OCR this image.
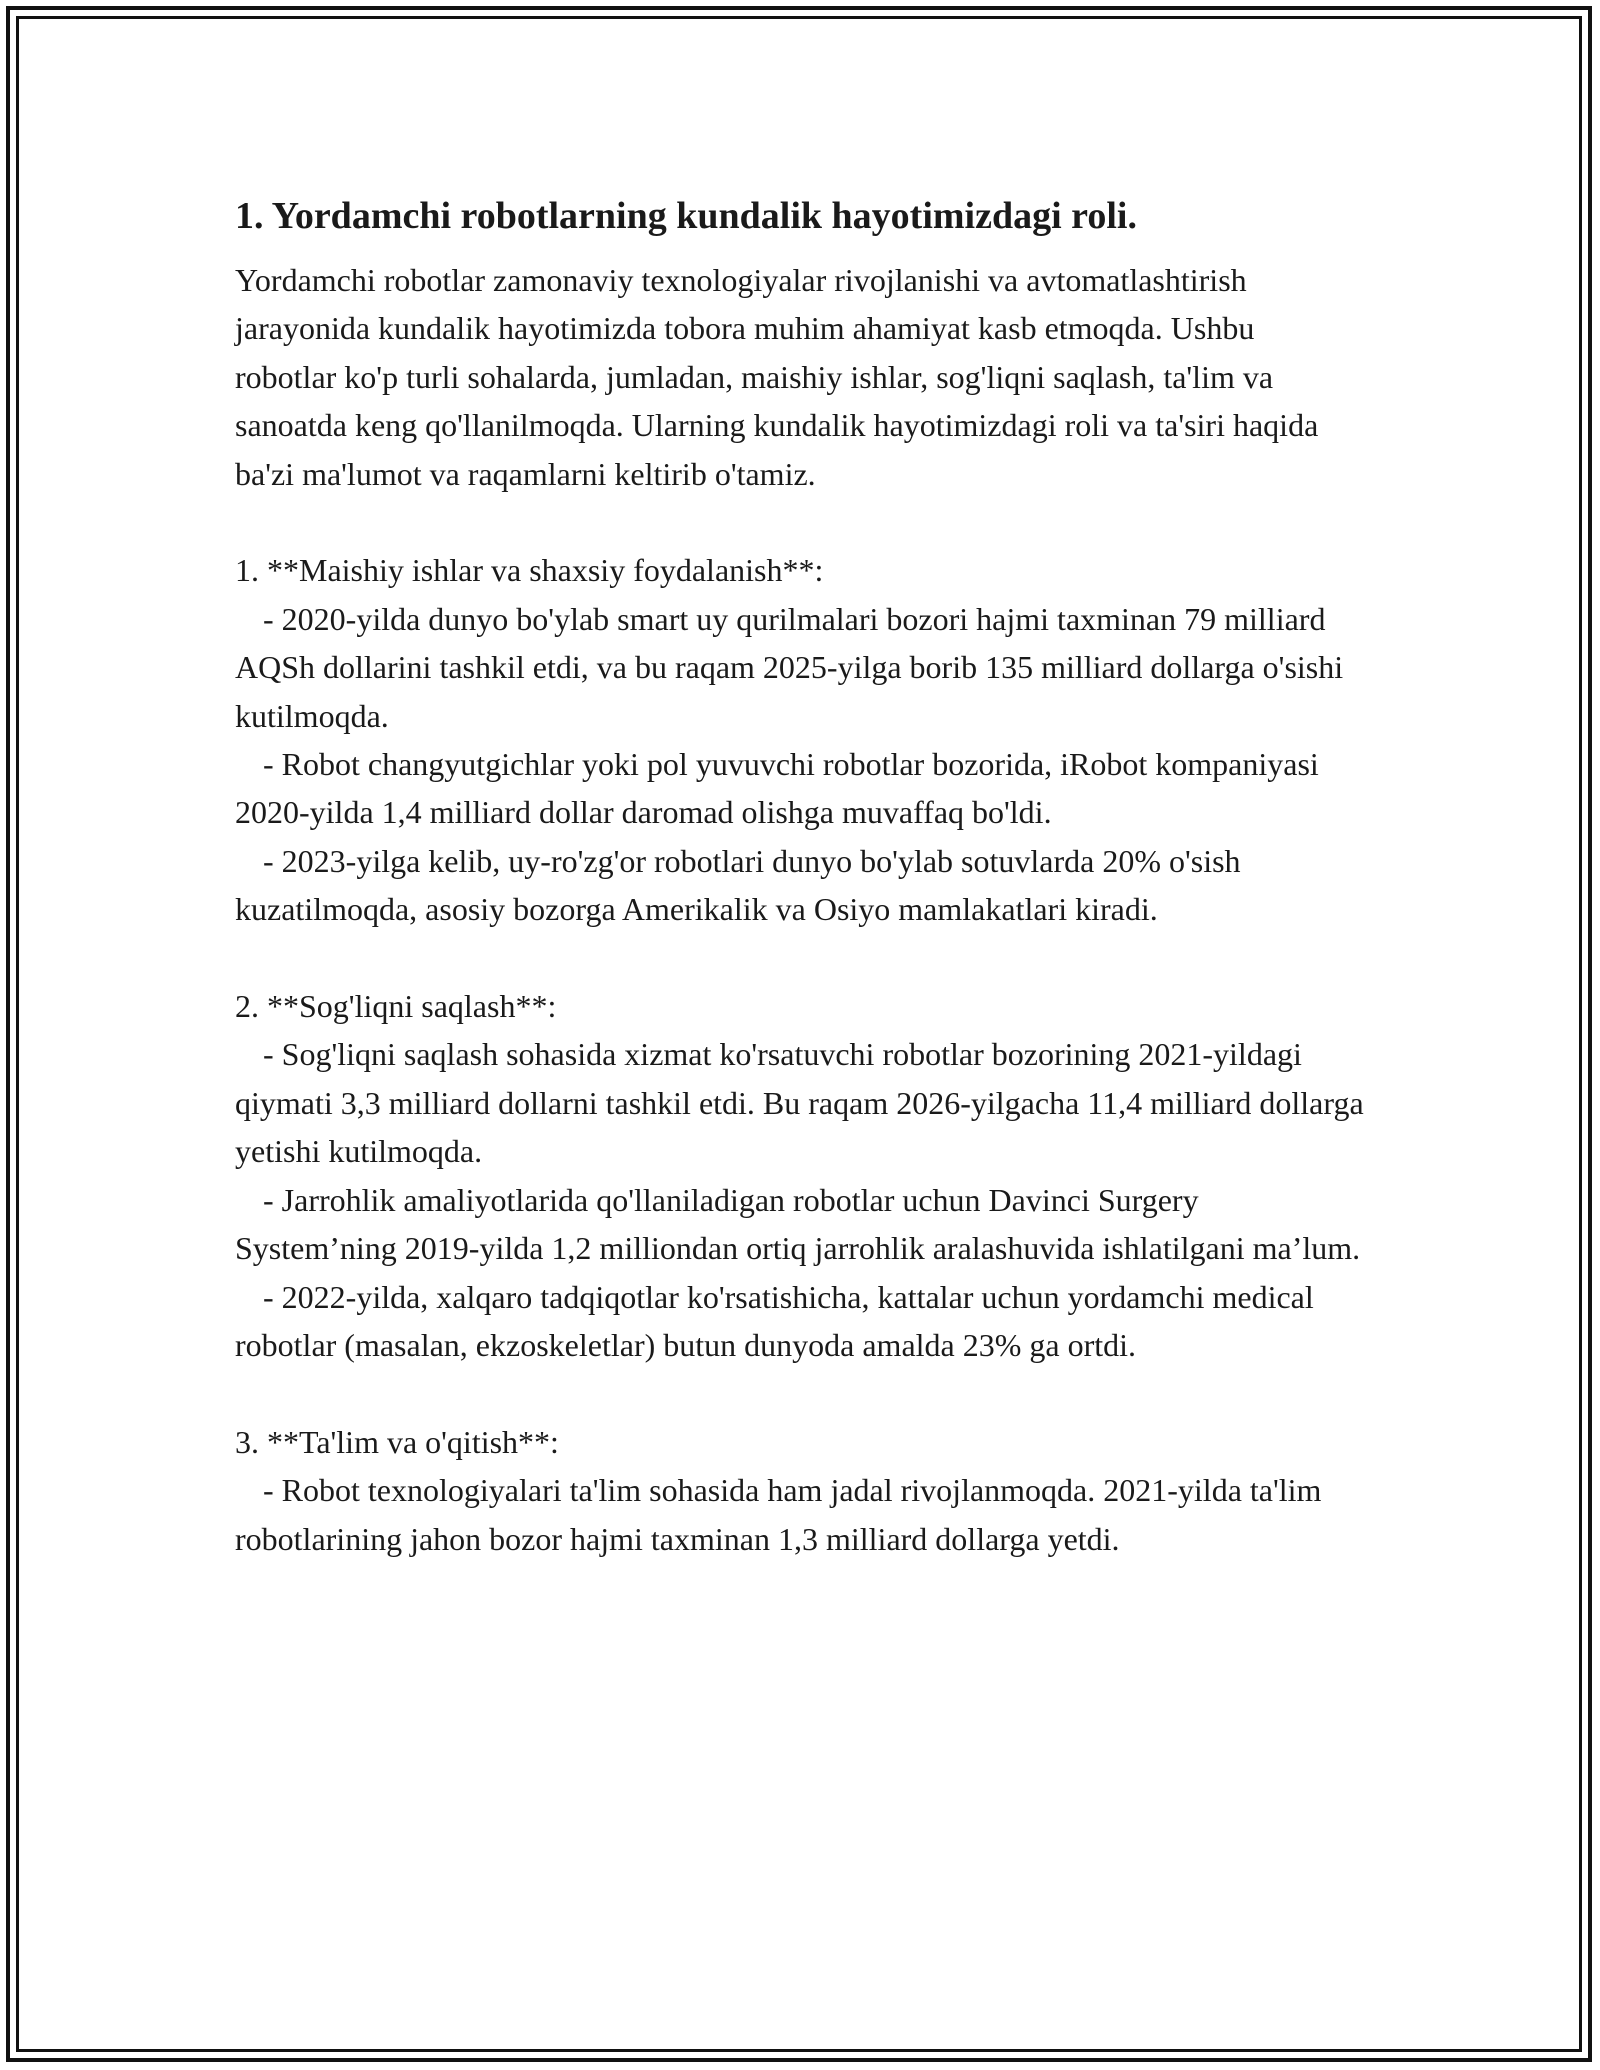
1. Yordamchi robotlarning kundalik hayotimizdagi roli.

Yordamchi robotlar zamonaviy texnologiyalar rivojlanishi va avtomatlashtirish jarayonida kundalik hayotimizda tobora muhim ahamiyat kasb etmoqda. Ushbu robotlar ko'p turli sohalarda, jumladan, maishiy ishlar, sog'liqni saqlash, ta'lim va sanoatda keng qo'llanilmoqda. Ularning kundalik hayotimizdagi roli va ta'siri haqida ba'zi ma'lumot va raqamlarni keltirib o'tamiz.

1. **Maishiy ishlar va shaxsiy foydalanish**:

- 2020-yilda dunyo bo'ylab smart uy qurilmalari bozori hajmi taxminan 79 milliard AQSh dollarini tashkil etdi, va bu raqam 2025-yilga borib 135 milliard dollarga o'sishi kutilmoqda.

- Robot changyutgichlar yoki pol yuvuvchi robotlar bozorida, iRobot kompaniyasi 2020-yilda 1,4 milliard dollar daromad olishga muvaffaq bo'ldi.

- 2023-yilga kelib, uy-ro'zg'or robotlari dunyo bo'ylab sotuvlarda 20% o'sish kuzatilmoqda, asosiy bozorga Amerikalik va Osiyo mamlakatlari kiradi.

2. **Sog'liqni saqlash**:

- Sog'liqni saqlash sohasida xizmat ko'rsatuvchi robotlar bozorining 2021-yildagi qiymati 3,3 milliard dollarni tashkil etdi. Bu raqam 2026-yilgacha 11,4 milliard dollarga yetishi kutilmoqda.

- Jarrohlik amaliyotlarida qo'llaniladigan robotlar uchun Davinci Surgery System’ning 2019-yilda 1,2 milliondan ortiq jarrohlik aralashuvida ishlatilgani ma’lum.

- 2022-yilda, xalqaro tadqiqotlar ko'rsatishicha, kattalar uchun yordamchi medical robotlar (masalan, ekzoskeletlar) butun dunyoda amalda 23% ga ortdi.

3. **Ta'lim va o'qitish**:

- Robot texnologiyalari ta'lim sohasida ham jadal rivojlanmoqda. 2021-yilda ta'lim robotlarining jahon bozor hajmi taxminan 1,3 milliard dollarga yetdi.
